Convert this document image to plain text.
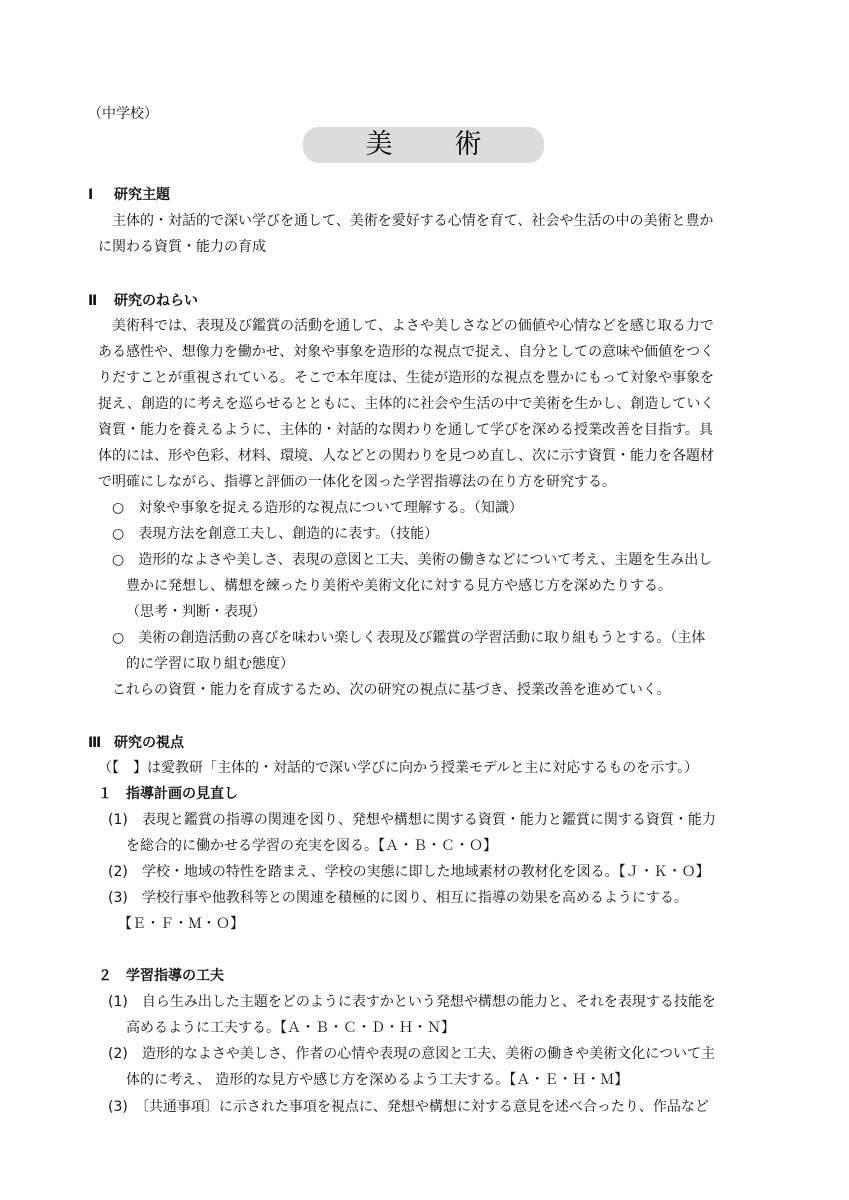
（中学校）
美術
Ⅰ 研究主題
主体的・対話的で深い学びを通して、美術を愛好する心情を育て、社会や生活の中の美術と豊か
に関わる資質・能力の育成
Ⅱ 研究のねらい
美術科では、表現及び鑑賞の活動を通して、よさや美しさなどの価値や心情などを感じ取る力で
ある感性や、想像力を働かせ、対象や事象を造形的な視点で捉え、自分としての意味や価値をつく
りだすことが重視されている。そこで本年度は、生徒が造形的な視点を豊かにもって対象や事象を
捉え、創造的に考えを巡らせるとともに、主体的に社会や生活の中で美術を生かし、創造していく
資質・能力を養えるように、主体的・対話的な関わりを通して学びを深める授業改善を目指す。具
体的には、形や色彩、材料、環境、人などとの関わりを見つめ直し、次に示す資質・能力を各題材
で明確にしながら、指導と評価の一体化を図った学習指導法の在り方を研究する。
○　対象や事象を捉える造形的な視点について理解する。（知識）
○　表現方法を創意工夫し、創造的に表す。（技能）
○　造形的なよさや美しさ、表現の意図と工夫、美術の働きなどについて考え、主題を生み出し
豊かに発想し、構想を練ったり美術や美術文化に対する見方や感じ方を深めたりする。
（思考・判断・表現）
○　美術の創造活動の喜びを味わい楽しく表現及び鑑賞の学習活動に取り組もうとする。（主体
的に学習に取り組む態度）
これらの資質・能力を育成するため、次の研究の視点に基づき、授業改善を進めていく。
Ⅲ 研究の視点
（【　】は愛教研「主体的・対話的で深い学びに向かう授業モデルと主に対応するものを示す。）
１　指導計画の見直し
(1)　表現と鑑賞の指導の関連を図り、発想や構想に関する資質・能力と鑑賞に関する資質・能力
を総合的に働かせる学習の充実を図る。【Ａ・Ｂ・Ｃ・Ｏ】
(2)　学校・地域の特性を踏まえ、学校の実態に即した地域素材の教材化を図る。【Ｊ・Ｋ・Ｏ】
(3)　学校行事や他教科等との関連を積極的に図り、相互に指導の効果を高めるようにする。
【Ｅ・Ｆ・Ｍ・Ｏ】
２　学習指導の工夫
(1)　自ら生み出した主題をどのように表すかという発想や構想の能力と、それを表現する技能を
高めるように工夫する。【Ａ・Ｂ・Ｃ・Ｄ・Ｈ・Ｎ】
(2)　造形的なよさや美しさ、作者の心情や表現の意図と工夫、美術の働きや美術文化について主
体的に考え、 造形的な見方や感じ方を深めるよう工夫する。【Ａ・Ｅ・Ｈ・Ｍ】
(3)　〔共通事項〕に示された事項を視点に、発想や構想に対する意見を述べ合ったり、作品など
